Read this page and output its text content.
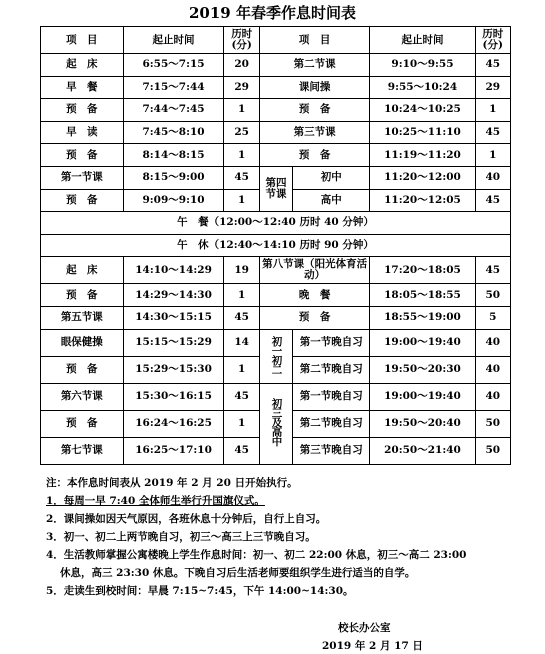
2019 年春季作息时间表
项　目	起止时间	历时(分)	项　目		起止时间	历时(分)
起　床	6:55～7:15	20	第二节课		9:10～9:55	45
早　餐	7:15～7:44	29	课间操		9:55～10:24	29
预　备	7:44～7:45	1	预　备		10:24～10:25	1
早　读	7:45～8:10	25	第三节课		10:25～11:10	45
预　备	8:14～8:15	1	预　备		11:19～11:20	1
第一节课	8:15～9:00	45	第四节课	初中	11:20～12:00	40
预　备	9:09～9:10	1		高中	11:20～12:05	45
午　餐（12:00～12:40 历时 40 分钟）						
午　休（12:40～14:10 历时 90 分钟）						
起　床	14:10～14:29	19	第八节课（阳光体育活动）		17:20～18:05	45
预　备	14:29～14:30	1	晚　餐		18:05～18:55	50
第五节课	14:30～15:15	45	预　备		18:55～19:00	5
眼保健操	15:15～15:29	14	初一初二	第一节晚自习	19:00～19:40	40
预　备	15:29～15:30	1		第二节晚自习	19:50～20:30	40
第六节课	15:30～16:15	45	初三及高中	第一节晚自习	19:00～19:40	40
预　备	16:24～16:25	1		第二节晚自习	19:50～20:40	50
第七节课	16:25～17:10	45		第三节晚自习	20:50～21:40	50
注：本作息时间表从 2019 年 2 月 20 日开始执行。
1．每周一早 7:40 全体师生举行升国旗仪式。
2．课间操如因天气原因，各班休息十分钟后，自行上自习。
3．初一、初二上两节晚自习，初三～高三上三节晚自习。
4．生活教师掌握公寓楼晚上学生作息时间：初一、初二 22:00 休息，初三～高二 23:00
休息，高三 23:30 休息。下晚自习后生活老师要组织学生进行适当的自学。
5．走读生到校时间：早晨 7:15~7:45，下午 14:00~14:30。
校长办公室
2019 年 2 月 17 日
